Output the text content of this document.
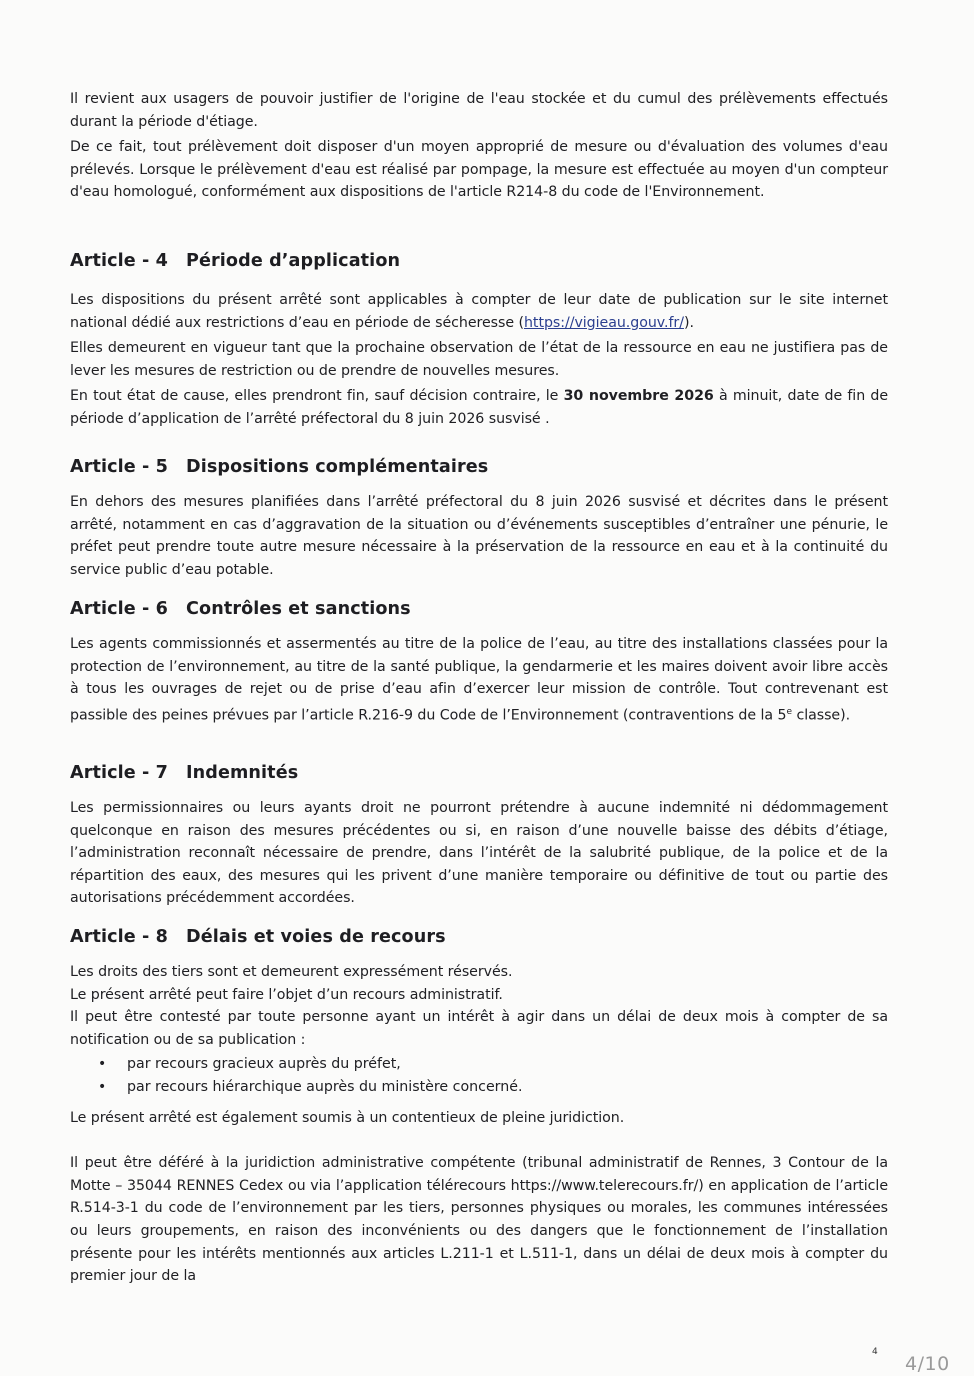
Il revient aux usagers de pouvoir justifier de l'origine de l'eau stockée et du cumul des prélèvements effectués durant la période d'étiage.

De ce fait, tout prélèvement doit disposer d'un moyen approprié de mesure ou d'évaluation des volumes d'eau prélevés. Lorsque le prélèvement d'eau est réalisé par pompage, la mesure est effectuée au moyen d'un compteur d'eau homologué, conformément aux dispositions de l'article R214-8 du code de l'Environnement.

Article - 4 Période d’application

Les dispositions du présent arrêté sont applicables à compter de leur date de publication sur le site internet national dédié aux restrictions d’eau en période de sécheresse (https://vigieau.gouv.fr/).

Elles demeurent en vigueur tant que la prochaine observation de l’état de la ressource en eau ne justifiera pas de lever les mesures de restriction ou de prendre de nouvelles mesures.

En tout état de cause, elles prendront fin, sauf décision contraire, le 30 novembre 2026 à minuit, date de fin de période d’application de l’arrêté préfectoral du 8 juin 2026 susvisé .

Article - 5 Dispositions complémentaires

En dehors des mesures planifiées dans l’arrêté préfectoral du 8 juin 2026 susvisé et décrites dans le présent arrêté, notamment en cas d’aggravation de la situation ou d’événements susceptibles d’entraîner une pénurie, le préfet peut prendre toute autre mesure nécessaire à la préservation de la ressource en eau et à la continuité du service public d’eau potable.

Article - 6 Contrôles et sanctions

Les agents commissionnés et assermentés au titre de la police de l’eau, au titre des installations classées pour la protection de l’environnement, au titre de la santé publique, la gendarmerie et les maires doivent avoir libre accès à tous les ouvrages de rejet ou de prise d’eau afin d’exercer leur mission de contrôle. Tout contrevenant est passible des peines prévues par l’article R.216-9 du Code de l’Environnement (contraventions de la 5e classe).

Article - 7 Indemnités

Les permissionnaires ou leurs ayants droit ne pourront prétendre à aucune indemnité ni dédommagement quelconque en raison des mesures précédentes ou si, en raison d’une nouvelle baisse des débits d’étiage, l’administration reconnaît nécessaire de prendre, dans l’intérêt de la salubrité publique, de la police et de la répartition des eaux, des mesures qui les privent d’une manière temporaire ou définitive de tout ou partie des autorisations précédemment accordées.

Article - 8 Délais et voies de recours

Les droits des tiers sont et demeurent expressément réservés.

Le présent arrêté peut faire l’objet d’un recours administratif.

Il peut être contesté par toute personne ayant un intérêt à agir dans un délai de deux mois à compter de sa notification ou de sa publication :

• par recours gracieux auprès du préfet,
• par recours hiérarchique auprès du ministère concerné.

Le présent arrêté est également soumis à un contentieux de pleine juridiction.

Il peut être déféré à la juridiction administrative compétente (tribunal administratif de Rennes, 3 Contour de la Motte – 35044 RENNES Cedex ou via l’application télérecours https://www.telerecours.fr/) en application de l’article R.514-3-1 du code de l’environnement par les tiers, personnes physiques ou morales, les communes intéressées ou leurs groupements, en raison des inconvénients ou des dangers que le fonctionnement de l’installation présente pour les intérêts mentionnés aux articles L.211-1 et L.511-1, dans un délai de deux mois à compter du premier jour de la

4
4/10
